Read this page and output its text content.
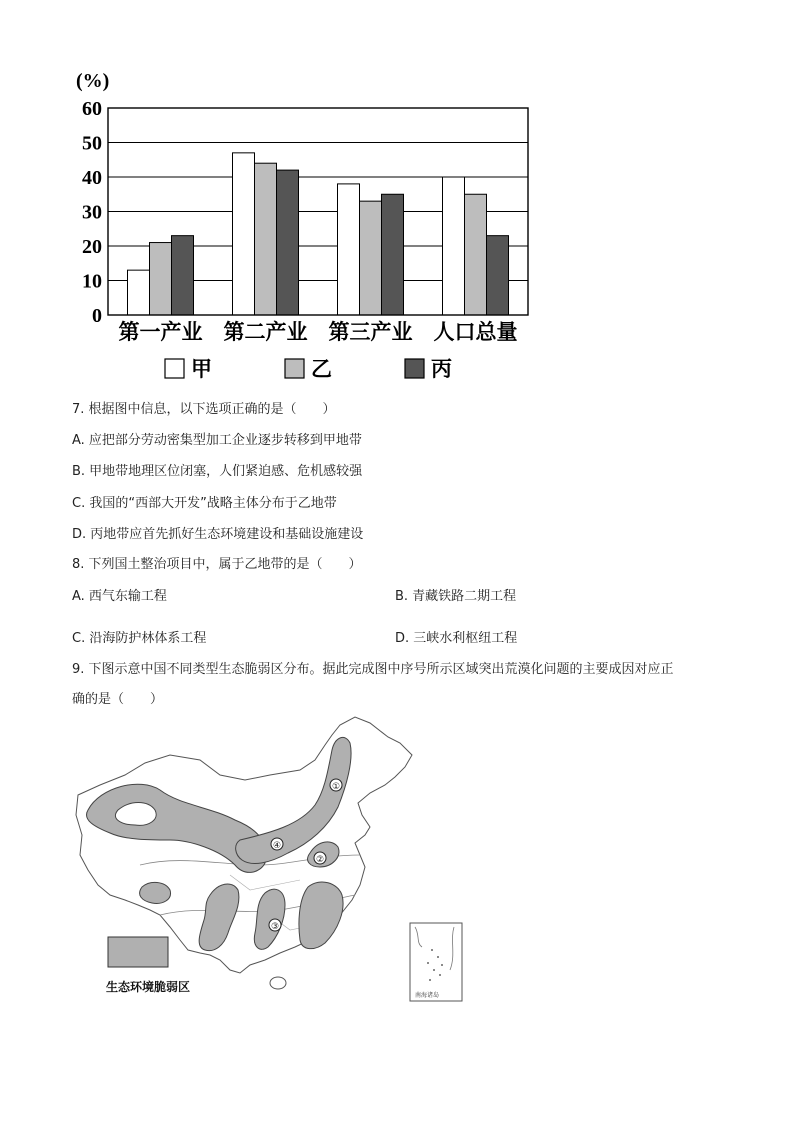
(%)
0
10
20
30
40
50
60
第一产业 第二产业 第三产业 人口总量
甲	乙	丙
7. 根据图中信息，以下选项正确的是（　　）
A. 应把部分劳动密集型加工企业逐步转移到甲地带
B. 甲地带地理区位闭塞，人们紧迫感、危机感较强
C. 我国的“西部大开发”战略主体分布于乙地带
D. 丙地带应首先抓好生态环境建设和基础设施建设
8. 下列国土整治项目中，属于乙地带的是（　　）
A. 西气东输工程	B. 青藏铁路二期工程
C. 沿海防护林体系工程	D. 三峡水利枢纽工程
9. 下图示意中国不同类型生态脆弱区分布。据此完成图中序号所示区域突出荒漠化问题的主要成因对应正
确的是（　　）
①
②
③
④
生态环境脆弱区
南海诸岛
